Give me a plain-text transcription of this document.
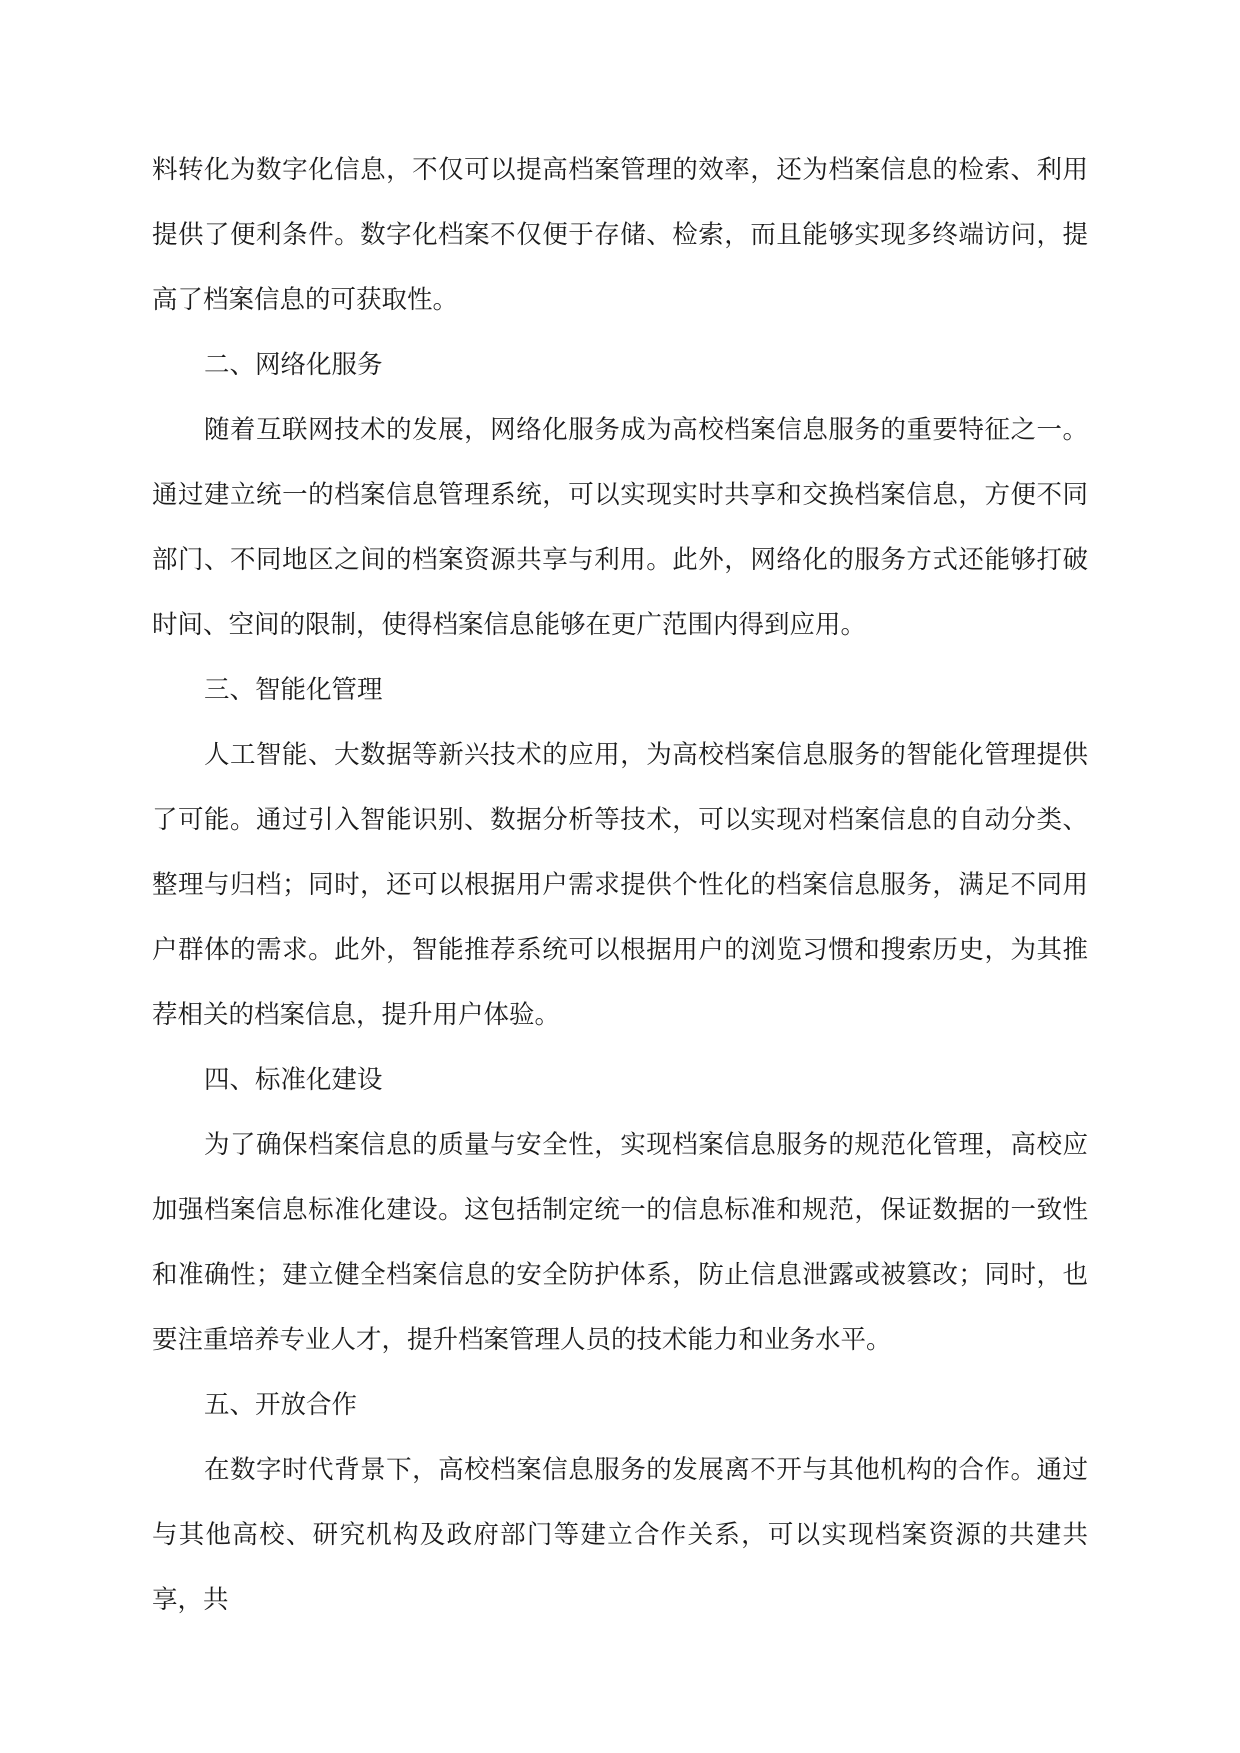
料转化为数字化信息，不仅可以提高档案管理的效率，还为档案信息的检索、利用提供了便利条件。数字化档案不仅便于存储、检索，而且能够实现多终端访问，提高了档案信息的可获取性。

二、网络化服务

随着互联网技术的发展，网络化服务成为高校档案信息服务的重要特征之一。通过建立统一的档案信息管理系统，可以实现实时共享和交换档案信息，方便不同部门、不同地区之间的档案资源共享与利用。此外，网络化的服务方式还能够打破时间、空间的限制，使得档案信息能够在更广范围内得到应用。

三、智能化管理

人工智能、大数据等新兴技术的应用，为高校档案信息服务的智能化管理提供了可能。通过引入智能识别、数据分析等技术，可以实现对档案信息的自动分类、整理与归档；同时，还可以根据用户需求提供个性化的档案信息服务，满足不同用户群体的需求。此外，智能推荐系统可以根据用户的浏览习惯和搜索历史，为其推荐相关的档案信息，提升用户体验。

四、标准化建设

为了确保档案信息的质量与安全性，实现档案信息服务的规范化管理，高校应加强档案信息标准化建设。这包括制定统一的信息标准和规范，保证数据的一致性和准确性；建立健全档案信息的安全防护体系，防止信息泄露或被篡改；同时，也要注重培养专业人才，提升档案管理人员的技术能力和业务水平。

五、开放合作

在数字时代背景下，高校档案信息服务的发展离不开与其他机构的合作。通过与其他高校、研究机构及政府部门等建立合作关系，可以实现档案资源的共建共享，共
